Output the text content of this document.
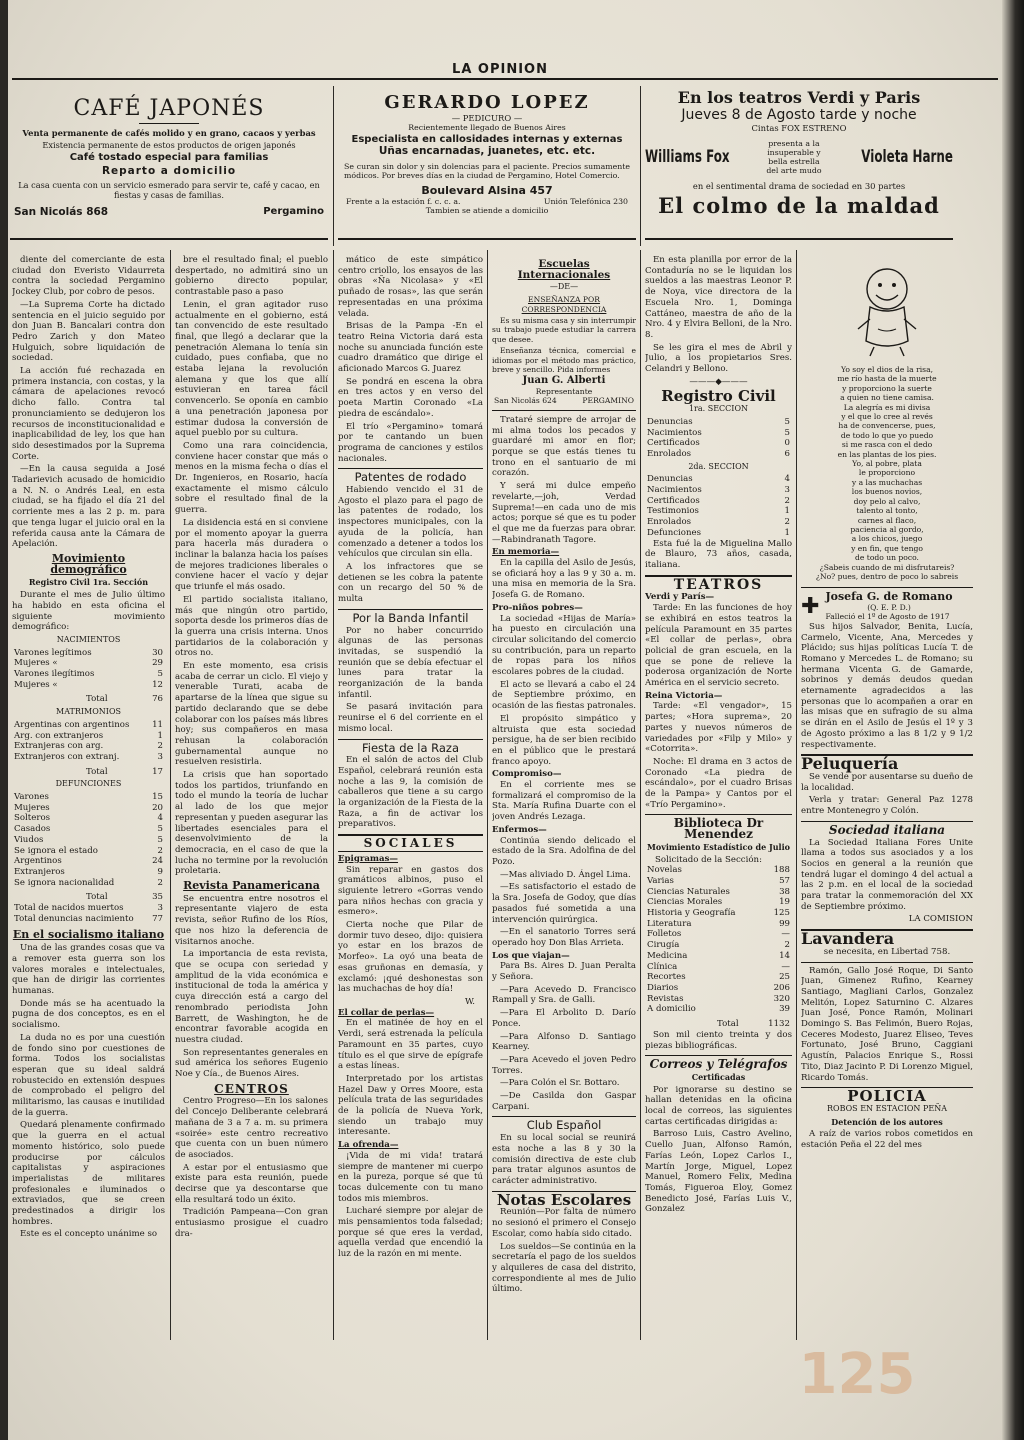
LA OPINION
CAFÉ JAPONÉS
Venta permanente de cafés molido y en grano, cacaos y yerbas
Existencia permanente de estos productos de origen japonés
Café tostado especial para familias
Reparto a domicilio
La casa cuenta con un servicio esmerado para servir te, café y cacao, en fiestas y casas de familias.
San Nicolás 868	Pergamino
GERARDO LOPEZ
— PEDICURO —
Recientemente llegado de Buenos Aires
Especialista en callosidades internas y externas
Uñas encarnadas, juanetes, etc. etc.
Se curan sin dolor y sin dolencias para el paciente. Precios sumamente módicos. Por breves días en la ciudad de Pergamino, Hotel Comercio.
Boulevard Alsina 457
Frente a la estación f. c. c. a.	Unión Telefónica 230
Tambien se atiende a domicilio
En los teatros Verdi y Paris
Jueves 8 de Agosto tarde y noche
Cintas FOX ESTRENO
Williams Fox
presenta a la insuperable y bella estrella del arte mudo
Violeta Harne
en el sentimental drama de sociedad en 30 partes
El colmo de la maldad

diente del comerciante de esta ciudad don Everisto Vidaurreta contra la sociedad Pergamino Jockey Club, por cobro de pesos.

—La Suprema Corte ha dictado sentencia en el juicio seguido por don Juan B. Bancalari contra don Pedro Zarich y don Mateo Hulguich, sobre liquidación de sociedad.

La acción fué rechazada en primera instancia, con costas, y la cámara de apelaciones revocó dicho fallo. Contra tal pronunciamiento se dedujeron los recursos de inconstitucionalidad e inaplicabilidad de ley, los que han sido desestimados por la Suprema Corte.

—En la causa seguida a José Tadarievich acusado de homicidio a N. N. o Andrés Leal, en esta ciudad, se ha fijado el día 21 del corriente mes a las 2 p. m. para que tenga lugar el juicio oral en la referida causa ante la Cámara de Apelación.

Movimiento demográfico
Registro Civil 1ra. Sección

Durante el mes de Julio último ha habido en esta oficina el siguiente movimiento demográfico:

NACIMIENTOS
Varones legítimos	30
Mujeres «	29
Varones ilegítimos	5
Mujeres «	12
Total	76
MATRIMONIOS
Argentinas con argentinos	11
Arg. con extranjeros	1
Extranjeras con arg.	2
Extranjeros con extranj.	3
Total	17
DEFUNCIONES
Varones	15
Mujeres	20
Solteros	4
Casados	5
Viudos	5
Se ignora el estado	2
Argentinos	24
Extranjeros	9
Se ignora nacionalidad	2
Total	35
Total de nacidos muertos	3
Total denuncias nacimiento 77
En el socialismo italiano

Una de las grandes cosas que va a remover esta guerra son los valores morales e intelectuales, que han de dirigir las corrientes humanas.

Donde más se ha acentuado la pugna de dos conceptos, es en el socialismo.

La duda no es por una cuestión de fondo sino por cuestiones de forma. Todos los socialistas esperan que su ideal saldrá robustecido en extensión despues de comprobado el peligro del militarismo, las causas e inutilidad de la guerra.

Quedará plenamente confirmado que la guerra en el actual momento histórico, solo puede producirse por cálculos capitalistas y aspiraciones imperialistas de militares profesionales e iluminados o extraviados, que se creen predestinados a dirigir los hombres.

Este es el concepto unánime so

bre el resultado final; el pueblo despertado, no admitirá sino un gobierno directo popular, contrastable paso a paso

Lenin, el gran agitador ruso actualmente en el gobierno, está tan convencido de este resultado final, que llegó a declarar que la penetración Alemana lo tenía sin cuidado, pues confiaba, que no estaba lejana la revolución alemana y que los que allí estuvieran en tarea fácil convencerlo. Se oponía en cambio a una penetración japonesa por estimar dudosa la conversión de aquel pueblo por su cultura.

Como una rara coincidencia, conviene hacer constar que más o menos en la misma fecha o días el Dr. Ingenieros, en Rosario, hacía exactamente el mismo cálculo sobre el resultado final de la guerra.

La disidencia está en si conviene por el momento apoyar la guerra para hacerla más duradera o inclinar la balanza hacia los países de mejores tradiciones liberales o conviene hacer el vacío y dejar que triunfe el más osado.

El partido socialista italiano, más que ningún otro partido, soporta desde los primeros días de la guerra una crisis interna. Unos partidarios de la colaboración y otros no.

En este momento, esa crisis acaba de cerrar un ciclo. El viejo y venerable Turati, acaba de apartarse de la línea que sigue su partido declarando que se debe colaborar con los países más libres hoy; sus compañeros en masa rehusan la colaboración gubernamental aunque no resuelven resistirla.

La crisis que han soportado todos los partidos, triunfando en todo el mundo la teoría de luchar al lado de los que mejor representan y pueden asegurar las libertades esenciales para el desenvolvimiento de la democracia, en el caso de que la lucha no termine por la revolución proletaria.

Revista Panamericana

Se encuentra entre nosotros el representante viajero de esta revista, señor Rufino de los Ríos, que nos hizo la deferencia de visitarnos anoche.

La importancia de esta revista, que se ocupa con seriedad y amplitud de la vida económica e institucional de toda la américa y cuya dirección está a cargo del renombrado periodista John Barrett, de Washington, he de encontrar favorable acogida en nuestra ciudad.

Son representantes generales en sud américa los señores Eugenio Noe y Cía., de Buenos Aires.

CENTROS

Centro Progreso—En los salones del Concejo Deliberante celebrará mañana de 3 a 7 a. m. su primera «soirée» este centro recreativo que cuenta con un buen número de asociados.

A estar por el entusiasmo que existe para esta reunión, puede decirse que ya descontarse que ella resultará todo un éxito.

Tradición Pampeana—Con gran entusiasmo prosigue el cuadro dra-

mático de este simpático centro criollo, los ensayos de las obras «Ña Nicolasa» y «El puñado de rosas», las que serán representadas en una próxima velada.

Brisas de la Pampa -En el teatro Reina Victoria dará esta noche su anunciada función este cuadro dramático que dirige el aficionado Marcos G. Juarez

Se pondrá en escena la obra en tres actos y en verso del poeta Martin Coronado «La piedra de escándalo».

El trío «Pergamino» tomará por te cantando un buen programa de canciones y estilos nacionales.

Patentes de rodado

Habiendo vencido el 31 de Agosto el plazo para el pago de las patentes de rodado, los inspectores municipales, con la ayuda de la policía, han comenzado a detener a todos los vehículos que circulan sin ella.

A los infractores que se detienen se les cobra la patente con un recargo del 50 % de multa

Por la Banda Infantil

Por no haber concurrido algunas de las personas invitadas, se suspendió la reunión que se debía efectuar el lunes para tratar la reorganización de la banda infantil.

Se pasará invitación para reunirse el 6 del corriente en el mismo local.

Fiesta de la Raza

En el salón de actos del Club Español, celebrará reunión esta noche a las 9, la comisión de caballeros que tiene a su cargo la organización de la Fiesta de la Raza, a fin de activar los preparativos.

SOCIALES
Epigramas—

Sin reparar en gastos dos gramáticos albinos, puso el siguiente letrero «Gorras vendo para niños hechas con gracia y esmero».

Cierta noche que Pilar de dormir tuvo deseo, dijo: quisiera yo estar en los brazos de Morfeo». La oyó una beata de esas gruñonas en demasía, y exclamó: ¡qué deshonestas son las muchachas de hoy día!

W.
El collar de perlas—

En el matinée de hoy en el Verdi, será estrenada la película Paramount en 35 partes, cuyo título es el que sirve de epígrafe a estas líneas.

Interpretado por los artistas Hazel Daw y Orres Moore, esta película trata de las seguridades de la policía de Nueva York, siendo un trabajo muy interesante.

La ofrenda—

¡Vida de mi vida! tratará siempre de mantener mi cuerpo en la pureza, porque sé que tú tocas dulcemente con tu mano todos mis miembros.

Lucharé siempre por alejar de mis pensamientos toda falsedad; porque sé que eres la verdad, aquella verdad que encendió la luz de la razón en mi mente.

Escuelas Internacionales
—DE—
ENSEÑANZA POR CORRESPONDENCIA

Es su misma casa y sin interrumpir su trabajo puede estudiar la carrera que desee.

Enseñanza técnica, comercial e idiomas por el método mas práctico, breve y sencillo. Pida informes

Juan G. Alberti
Representante
San Nicolás 624	PERGAMINO

Trataré siempre de arrojar de mi alma todos los pecados y guardaré mi amor en flor; porque se que estás tienes tu trono en el santuario de mi corazón.

Y será mi dulce empeño revelarte,—joh, Verdad Suprema!—en cada uno de mis actos; porque sé que es tu poder el que me da fuerzas para obrar.—Rabindranath Tagore.

En memoria—

En la capilla del Asilo de Jesús, se oficiará hoy a las 9 y 30 a. m. una misa en memoria de la Sra. Josefa G. de Romano.

Pro-niños pobres—

La sociedad «Hijas de María» ha puesto en circulación una circular solicitando del comercio su contribución, para un reparto de ropas para los niños escolares pobres de la ciudad.

El acto se llevará a cabo el 24 de Septiembre próximo, en ocasión de las fiestas patronales.

El propósito simpático y altruista que esta sociedad persigue, ha de ser bien recibido en el público que le prestará franco apoyo.

Compromiso—

En el corriente mes se formalizará el compromiso de la Sta. María Rufina Duarte con el joven Andrés Lezaga.

Enfermos—

Continúa siendo delicado el estado de la Sra. Adolfina de del Pozo.

—Mas aliviado D. Ángel Lima.

—Es satisfactorio el estado de la Sra. Josefa de Godoy, que días pasados fué sometida a una intervención quirúrgica.

—En el sanatorio Torres será operado hoy Don Blas Arrieta.

Los que viajan—

Para Bs. Aires D. Juan Peralta y Señora.

—Para Acevedo D. Francisco Rampall y Sra. de Galli.

—Para El Arbolito D. Darío Ponce.

—Para Alfonso D. Santiago Kearney.

—Para Acevedo el joven Pedro Torres.

—Para Colón el Sr. Bottaro.

—De Casilda don Gaspar Carpani.

Club Español

En su local social se reunirá esta noche a las 8 y 30 la comisión directiva de este club para tratar algunos asuntos de carácter administrativo.

Notas Escolares

Reunión—Por falta de número no sesionó el primero el Consejo Escolar, como había sido citado.

Los sueldos—Se continúa en la secretaría el pago de los sueldos y alquileres de casa del distrito, correspondiente al mes de Julio último.

En esta planilla por error de la Contaduría no se le liquidan los sueldos a las maestras Leonor P. de Noya, vice directora de la Escuela Nro. 1, Dominga Cattáneo, maestra de año de la Nro. 4 y Elvira Belloni, de la Nro. 8.

Se les gira el mes de Abril y Julio, a los propietarios Sres. Celandri y Bellono.

———◆———
Registro Civil
1ra. SECCION
Denuncias	5
Nacimientos	5
Certificados	0
Enrolados	6
2da. SECCION
Denuncias	4
Nacimientos	3
Certificados	2
Testimonios	1
Enrolados	2
Defunciones	1

Esta fué la de Miguelina Mallo de Blauro, 73 años, casada, italiana.

TEATROS
Verdi y París—

Tarde: En las funciones de hoy se exhibirá en estos teatros la película Paramount en 35 partes «El collar de perlas», obra policial de gran escuela, en la que se pone de relieve la poderosa organización de Norte América en el servicio secreto.

Reina Victoria—

Tarde: «El vengador», 15 partes; «Hora suprema», 20 partes y nuevos números de variedades por «Filp y Milo» y «Cotorrita».

Noche: El drama en 3 actos de Coronado «La piedra de escándalo», por el cuadro Brisas de la Pampa» y Cantos por el «Trío Pergamino».

Biblioteca Dr Menendez
Movimiento Estadístico de Julio
Solicitado de la Sección:
Novelas	188
Varias	57
Ciencias Naturales	38
Ciencias Morales	19
Historia y Geografía	125
Literatura	99
Folletos	—
Cirugía	2
Medicina	14
Clínica	—
Recortes	25
Diarios	206
Revistas	320
A domicilio	39
Total	1132

Son mil ciento treinta y dos piezas bibliográficas.

Correos y Telégrafos
Certificadas

Por ignorarse su destino se hallan detenidas en la oficina local de correos, las siguientes cartas certificadas dirigidas a:

Barroso Luis, Castro Avelino, Cuello Juan, Alfonso Ramón, Farías León, Lopez Carlos I., Martín Jorge, Miguel, Lopez Manuel, Romero Felix, Medina Tomás, Figueroa Eloy, Gomez Benedicto José, Farías Luis V., Gonzalez

Yo soy el dios de la risa,
me río hasta de la muerte
y proporciono la suerte
a quien no tiene camisa.
La alegría es mi divisa
y el que lo cree al revés
ha de convencerse, pues,
de todo lo que yo puedo
si me rasca con el dedo
en las plantas de los pies.
Yo, al pobre, plata
le proporciono
y a las muchachas
los buenos novios,
doy pelo al calvo,
talento al tonto,
carnes al flaco,
paciencia al gordo,
a los chicos, juego
y en fin, que tengo
de todo un poco.
¿Sabeis cuando de mi disfrutareis?
¿No? pues, dentro de poco lo sabreis
✚ Josefa G. de Romano
(Q. E. P. D.)
Falleció el 1º de Agosto de 1917

Sus hijos Salvador, Benita, Lucía, Carmelo, Vicente, Ana, Mercedes y Plácido; sus hijas políticas Lucía T. de Romano y Mercedes L. de Romano; su hermana Vicenta G. de Gamarde, sobrinos y demás deudos quedan eternamente agradecidos a las personas que lo acompañen a orar en las misas que en sufragio de su alma se dirán en el Asilo de Jesús el 1º y 3 de Agosto próximo a las 8 1/2 y 9 1/2 respectivamente.

Peluquería

Se vende por ausentarse su dueño de la localidad.

Verla y tratar: General Paz 1278 entre Montenegro y Colón.

Sociedad italiana

La Sociedad Italiana Fores Unite llama a todos sus asociados y a los Socios en general a la reunión que tendrá lugar el domingo 4 del actual a las 2 p.m. en el local de la sociedad para tratar la conmemoración del XX de Septiembre próximo.

LA COMISION
Lavandera
se necesita, en Libertad 758.

Ramón, Gallo José Roque, Di Santo Juan, Gimenez Rufino, Kearney Santiago, Magliani Carlos, Gonzalez Melitón, Lopez Saturnino C. Alzares Juan José, Ponce Ramón, Molinari Domingo S. Bas Felimón, Buero Rojas, Ceceres Modesto, Juarez Eliseo, Teves Fortunato, José Bruno, Caggiani Agustín, Palacios Enrique S., Rossi Tito, Diaz Jacinto P. Di Lorenzo Miguel, Ricardo Tomás.

POLICIA
ROBOS EN ESTACION PEÑA
Detención de los autores

A raíz de varios robos cometidos en estación Peña el 22 del mes

125
